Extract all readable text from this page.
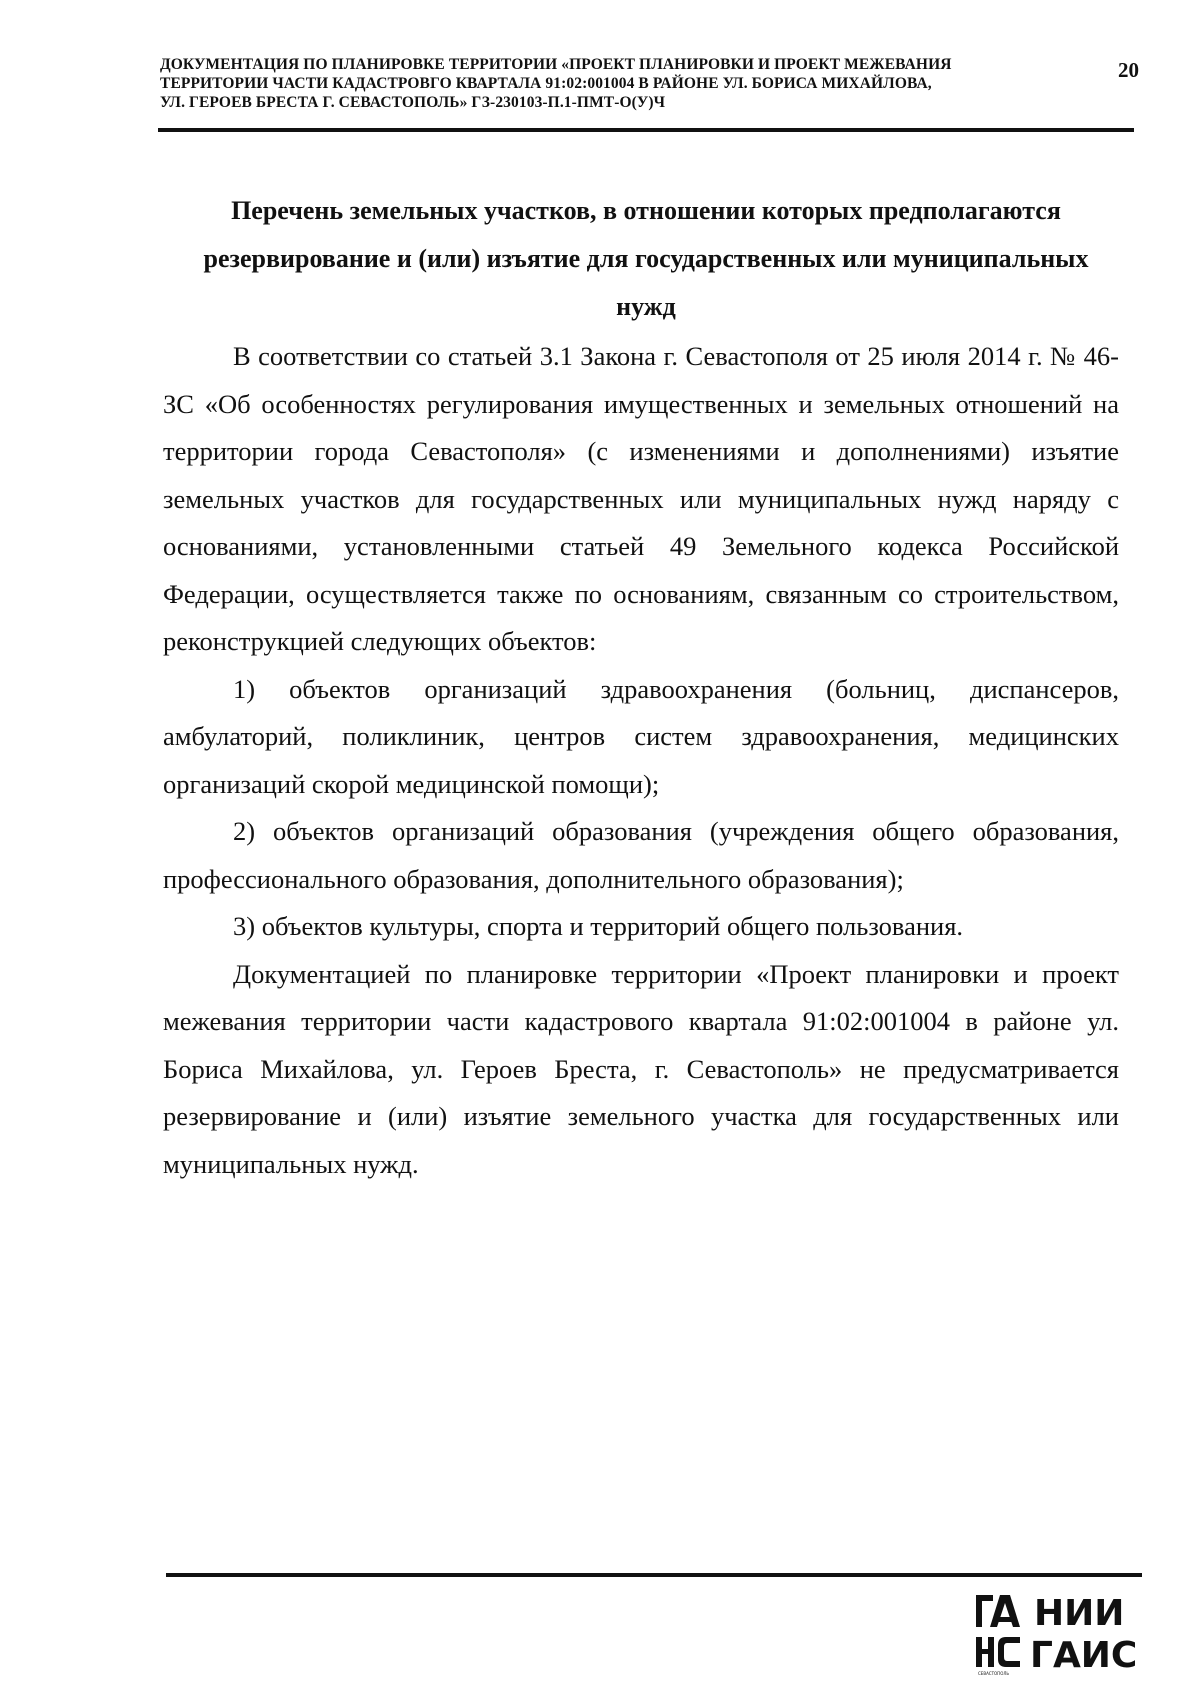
ДОКУМЕНТАЦИЯ ПО ПЛАНИРОВКЕ ТЕРРИТОРИИ «ПРОЕКТ ПЛАНИРОВКИ И ПРОЕКТ МЕЖЕВАНИЯ
ТЕРРИТОРИИ ЧАСТИ КАДАСТРОВГО КВАРТАЛА 91:02:001004 В РАЙОНЕ УЛ. БОРИСА МИХАЙЛОВА,
УЛ. ГЕРОЕВ БРЕСТА Г. СЕВАСТОПОЛЬ» ГЗ-230103-П.1-ПМТ-О(У)Ч
20
Перечень земельных участков, в отношении которых предполагаются
резервирование и (или) изъятие для государственных или муниципальных
нужд
В соответствии со статьей 3.1 Закона г. Севастополя от 25 июля 2014 г. № 46-
ЗС «Об особенностях регулирования имущественных и земельных отношений на
территории города Севастополя» (с изменениями и дополнениями) изъятие
земельных участков для государственных или муниципальных нужд наряду с
основаниями, установленными статьей 49 Земельного кодекса Российской
Федерации, осуществляется также по основаниям, связанным со строительством,
реконструкцией следующих объектов:
1) объектов организаций здравоохранения (больниц, диспансеров,
амбулаторий, поликлиник, центров систем здравоохранения, медицинских
организаций скорой медицинской помощи);
2) объектов организаций образования (учреждения общего образования,
профессионального образования, дополнительного образования);
3) объектов культуры, спорта и территорий общего пользования.
Документацией по планировке территории «Проект планировки и проект
межевания территории части кадастрового квартала 91:02:001004 в районе ул.
Бориса Михайлова, ул. Героев Бреста, г. Севастополь» не предусматривается
резервирование и (или) изъятие земельного участка для государственных или
муниципальных нужд.
СЕВАСТОПОЛЬ
НИИ
ГАИС
